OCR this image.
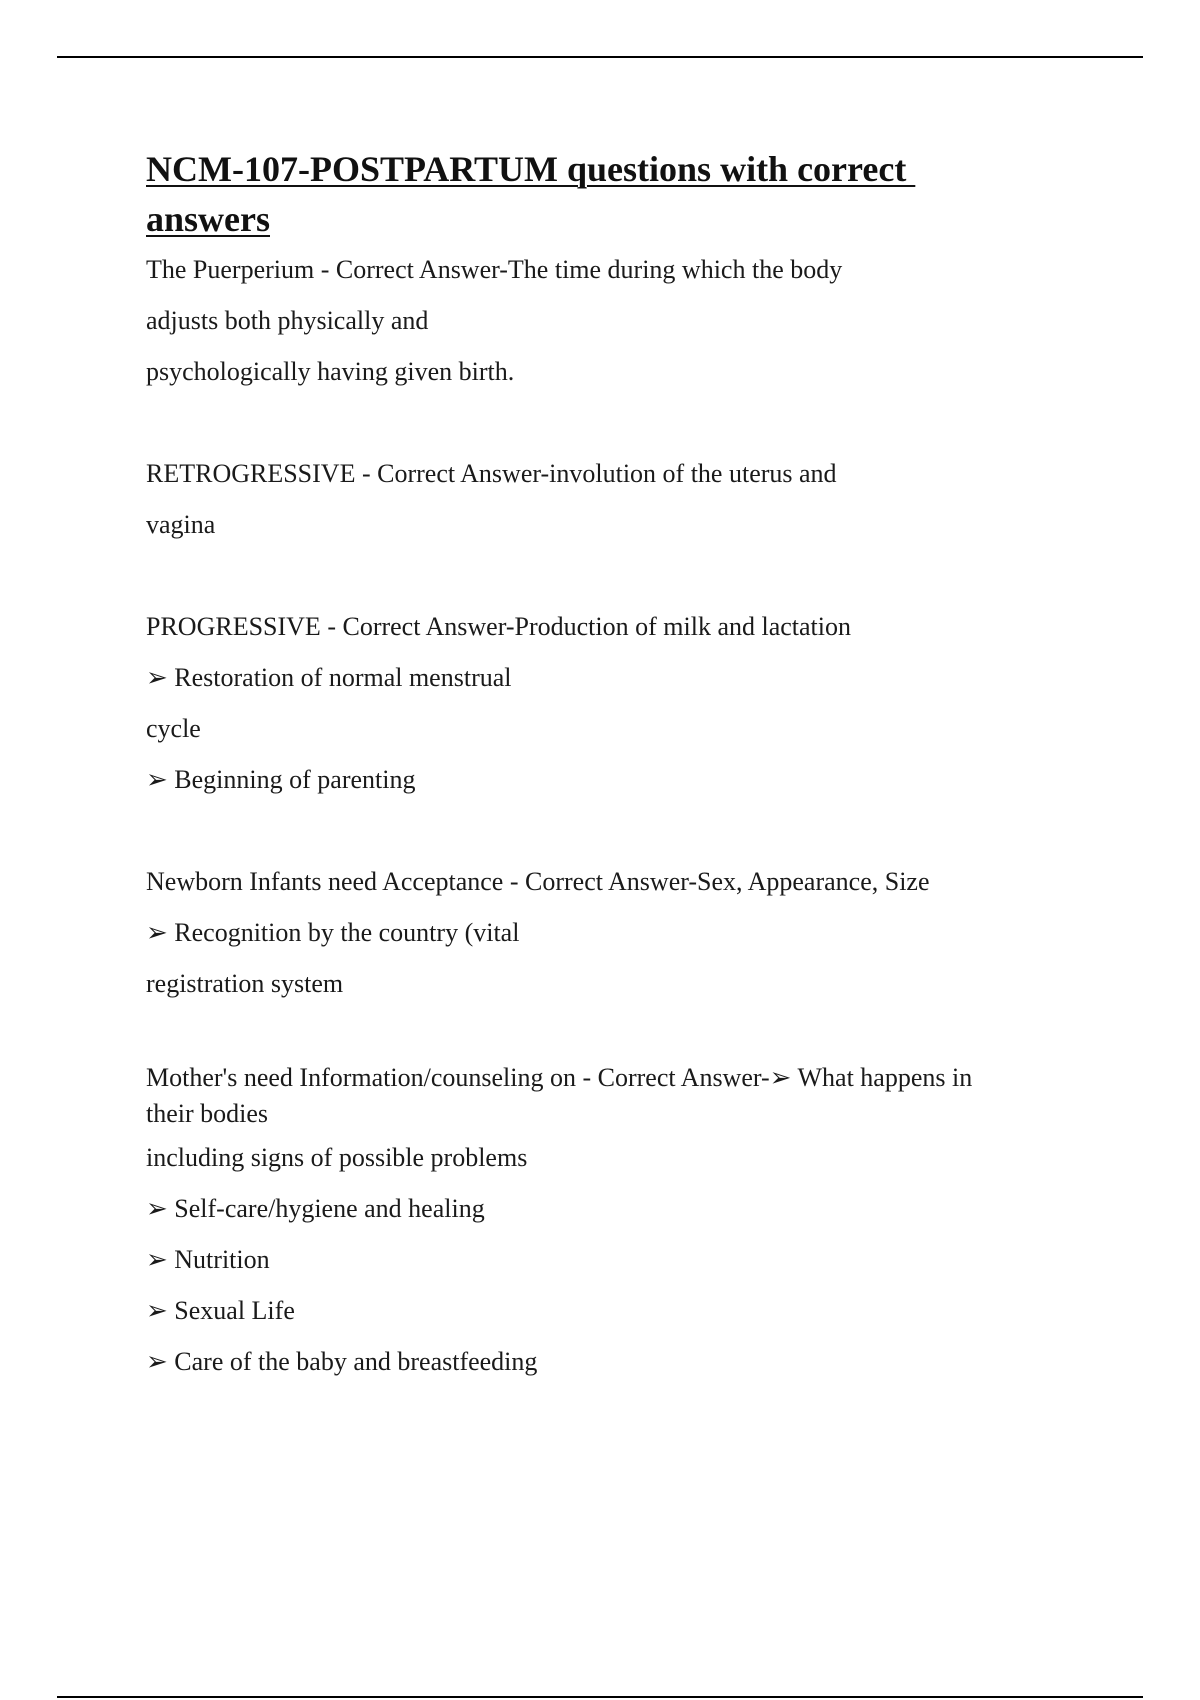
NCM-107-POSTPARTUM questions with correct
answers
The Puerperium - Correct Answer-The time during which the body
adjusts both physically and
psychologically having given birth.
RETROGRESSIVE - Correct Answer-involution of the uterus and
vagina
PROGRESSIVE - Correct Answer-Production of milk and lactation
➢ Restoration of normal menstrual
cycle
➢ Beginning of parenting
Newborn Infants need Acceptance - Correct Answer-Sex, Appearance, Size
➢ Recognition by the country (vital
registration system
Mother's need Information/counseling on - Correct Answer-➢ What happens in
their bodies
including signs of possible problems
➢ Self-care/hygiene and healing
➢ Nutrition
➢ Sexual Life
➢ Care of the baby and breastfeeding
